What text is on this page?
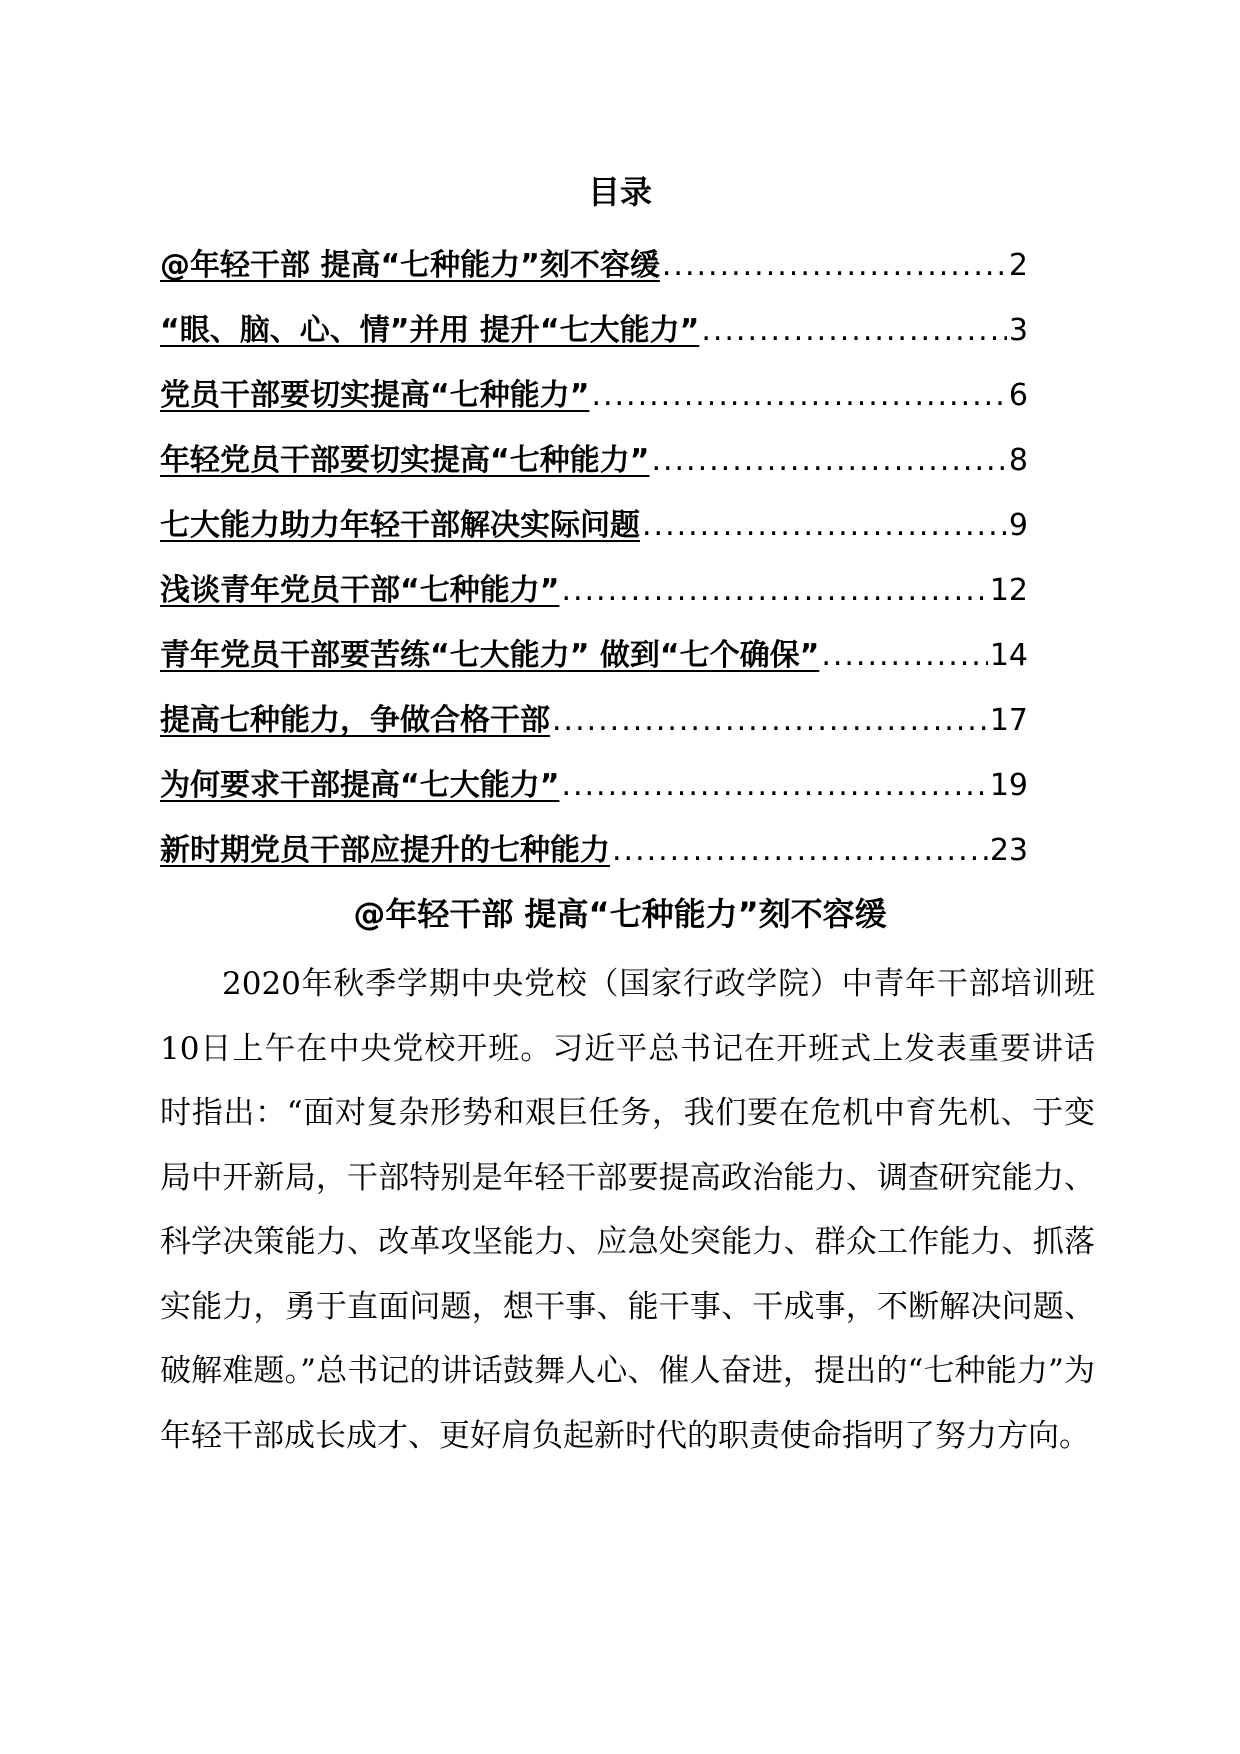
目录
@年轻干部 提高“七种能力”刻不容缓 .....	2
“眼、脑、心、情”并用 提升“七大能力” .....	3
党员干部要切实提高“七种能力” .....	6
年轻党员干部要切实提高“七种能力” .....	8
七大能力助力年轻干部解决实际问题 .....	9
浅谈青年党员干部“七种能力” .....	12
青年党员干部要苦练“七大能力” 做到“七个确保” .....	14
提高七种能力，争做合格干部 .....	17
为何要求干部提高“七大能力” .....	19
新时期党员干部应提升的七种能力 .....	23
@年轻干部 提高“七种能力”刻不容缓

2020年秋季学期中央党校（国家行政学院）中青年干部培训班10日上午在中央党校开班。习近平总书记在开班式上发表重要讲话时指出：“面对复杂形势和艰巨任务，我们要在危机中育先机、于变局中开新局，干部特别是年轻干部要提高政治能力、调查研究能力、科学决策能力、改革攻坚能力、应急处突能力、群众工作能力、抓落实能力，勇于直面问题，想干事、能干事、干成事，不断解决问题、破解难题。”总书记的讲话鼓舞人心、催人奋进，提出的“七种能力”为年轻干部成长成才、更好肩负起新时代的职责使命指明了努力方向。
